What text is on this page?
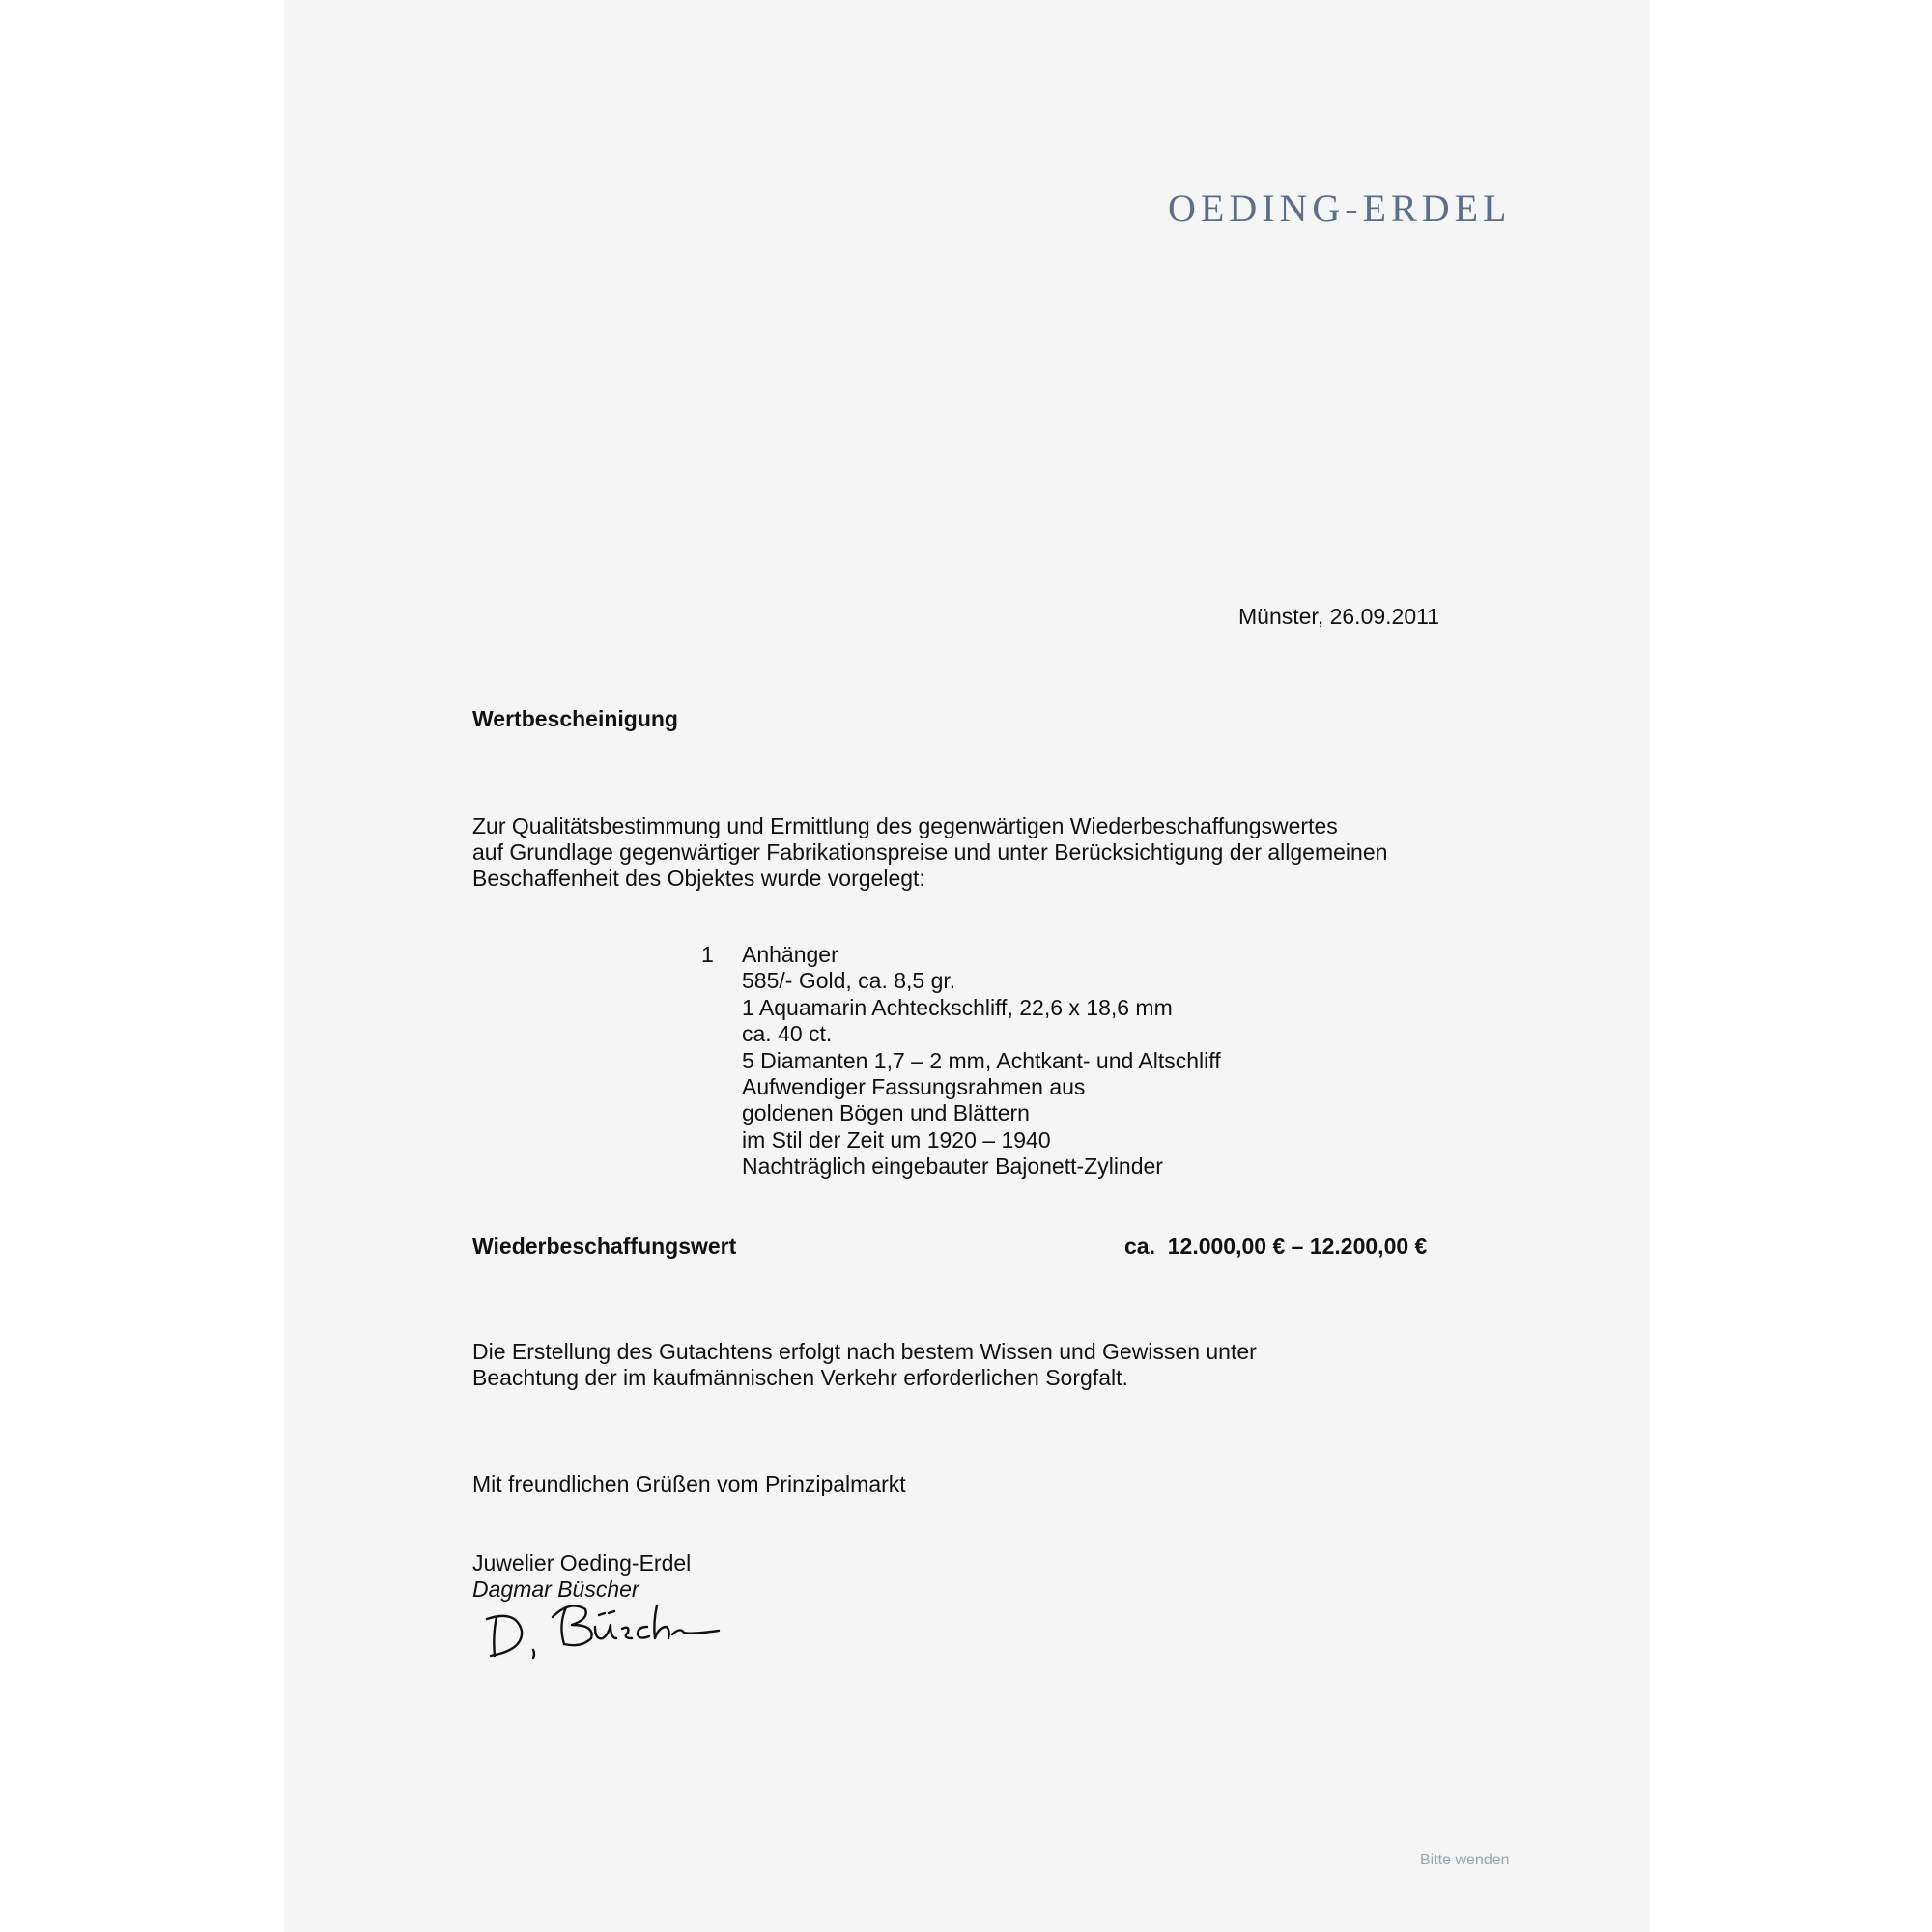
OEDING-ERDEL
Münster, 26.09.2011
Wertbescheinigung
Zur Qualitätsbestimmung und Ermittlung des gegenwärtigen Wiederbeschaffungswertes
auf Grundlage gegenwärtiger Fabrikationspreise und unter Berücksichtigung der allgemeinen
Beschaffenheit des Objektes wurde vorgelegt:
1 Anhänger
585/- Gold, ca. 8,5 gr.
1 Aquamarin Achteckschliff, 22,6 x 18,6 mm
ca. 40 ct.
5 Diamanten 1,7 – 2 mm, Achtkant- und Altschliff
Aufwendiger Fassungsrahmen aus
goldenen Bögen und Blättern
im Stil der Zeit um 1920 – 1940
Nachträglich eingebauter Bajonett-Zylinder
Wiederbeschaffungswert	ca.  12.000,00 € – 12.200,00 €
Die Erstellung des Gutachtens erfolgt nach bestem Wissen und Gewissen unter
Beachtung der im kaufmännischen Verkehr erforderlichen Sorgfalt.
Mit freundlichen Grüßen vom Prinzipalmarkt
Juwelier Oeding-Erdel
Dagmar Büscher
Bitte wenden
